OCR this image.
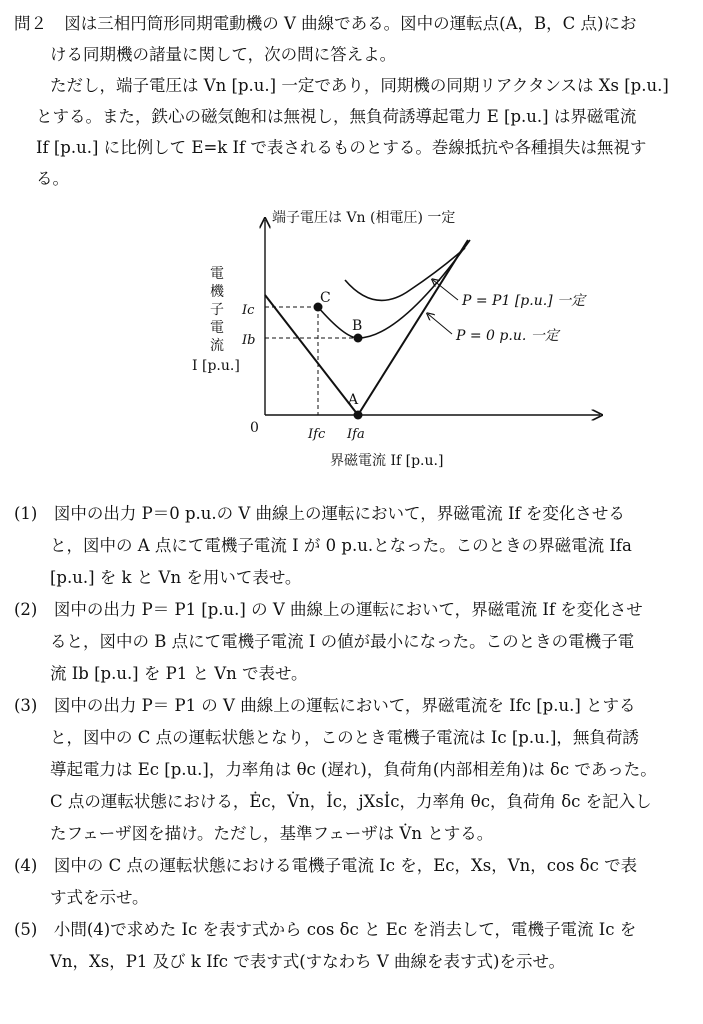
問２ 図は三相円筒形同期電動機の V 曲線である。図中の運転点(A，B，C 点)にお
ける同期機の諸量に関して，次の問に答えよ。
ただし，端子電圧は Vn [p.u.] 一定であり，同期機の同期リアクタンスは Xs [p.u.]
とする。また，鉄心の磁気飽和は無視し，無負荷誘導起電力 E [p.u.] は界磁電流
If [p.u.] に比例して E=k If で表されるものとする。巻線抵抗や各種損失は無視す
る。
端子電圧は Vn (相電圧) 一定
電
機
子
電
流
I [p.u.]
0
Ic
Ib
Ifc Ifa
界磁電流 If [p.u.]
A
B
C	P = P1 [p.u.] 一定
P = 0 p.u. 一定
(1)　 図中の出力 P＝0 p.u.の V 曲線上の運転において，界磁電流 If を変化させる
と，図中の A 点にて電機子電流 I が 0 p.u.となった。このときの界磁電流 Ifa
[p.u.] を k と Vn を用いて表せ。
(2)　 図中の出力 P＝ P1 [p.u.] の V 曲線上の運転において，界磁電流 If を変化させ
ると，図中の B 点にて電機子電流 I の値が最小になった。このときの電機子電
流 Ib [p.u.] を P1 と Vn で表せ。
(3)　 図中の出力 P＝ P1 の V 曲線上の運転において，界磁電流を Ifc [p.u.] とする
と，図中の C 点の運転状態となり，このとき電機子電流は Ic [p.u.]，無負荷誘
導起電力は Ec [p.u.]，力率角は θc (遅れ)，負荷角(内部相差角)は δc であった。
C 点の運転状態における，Ėc，V̇n，İc，jXsİc，力率角 θc，負荷角 δc を記入し
たフェーザ図を描け。ただし，基準フェーザは V̇n とする。
(4)　 図中の C 点の運転状態における電機子電流 Ic を，Ec，Xs，Vn，cos δc で表
す式を示せ。
(5)　 小問(4)で求めた Ic を表す式から cos δc と Ec を消去して，電機子電流 Ic を
Vn，Xs，P1 及び k Ifc で表す式(すなわち V 曲線を表す式)を示せ。
